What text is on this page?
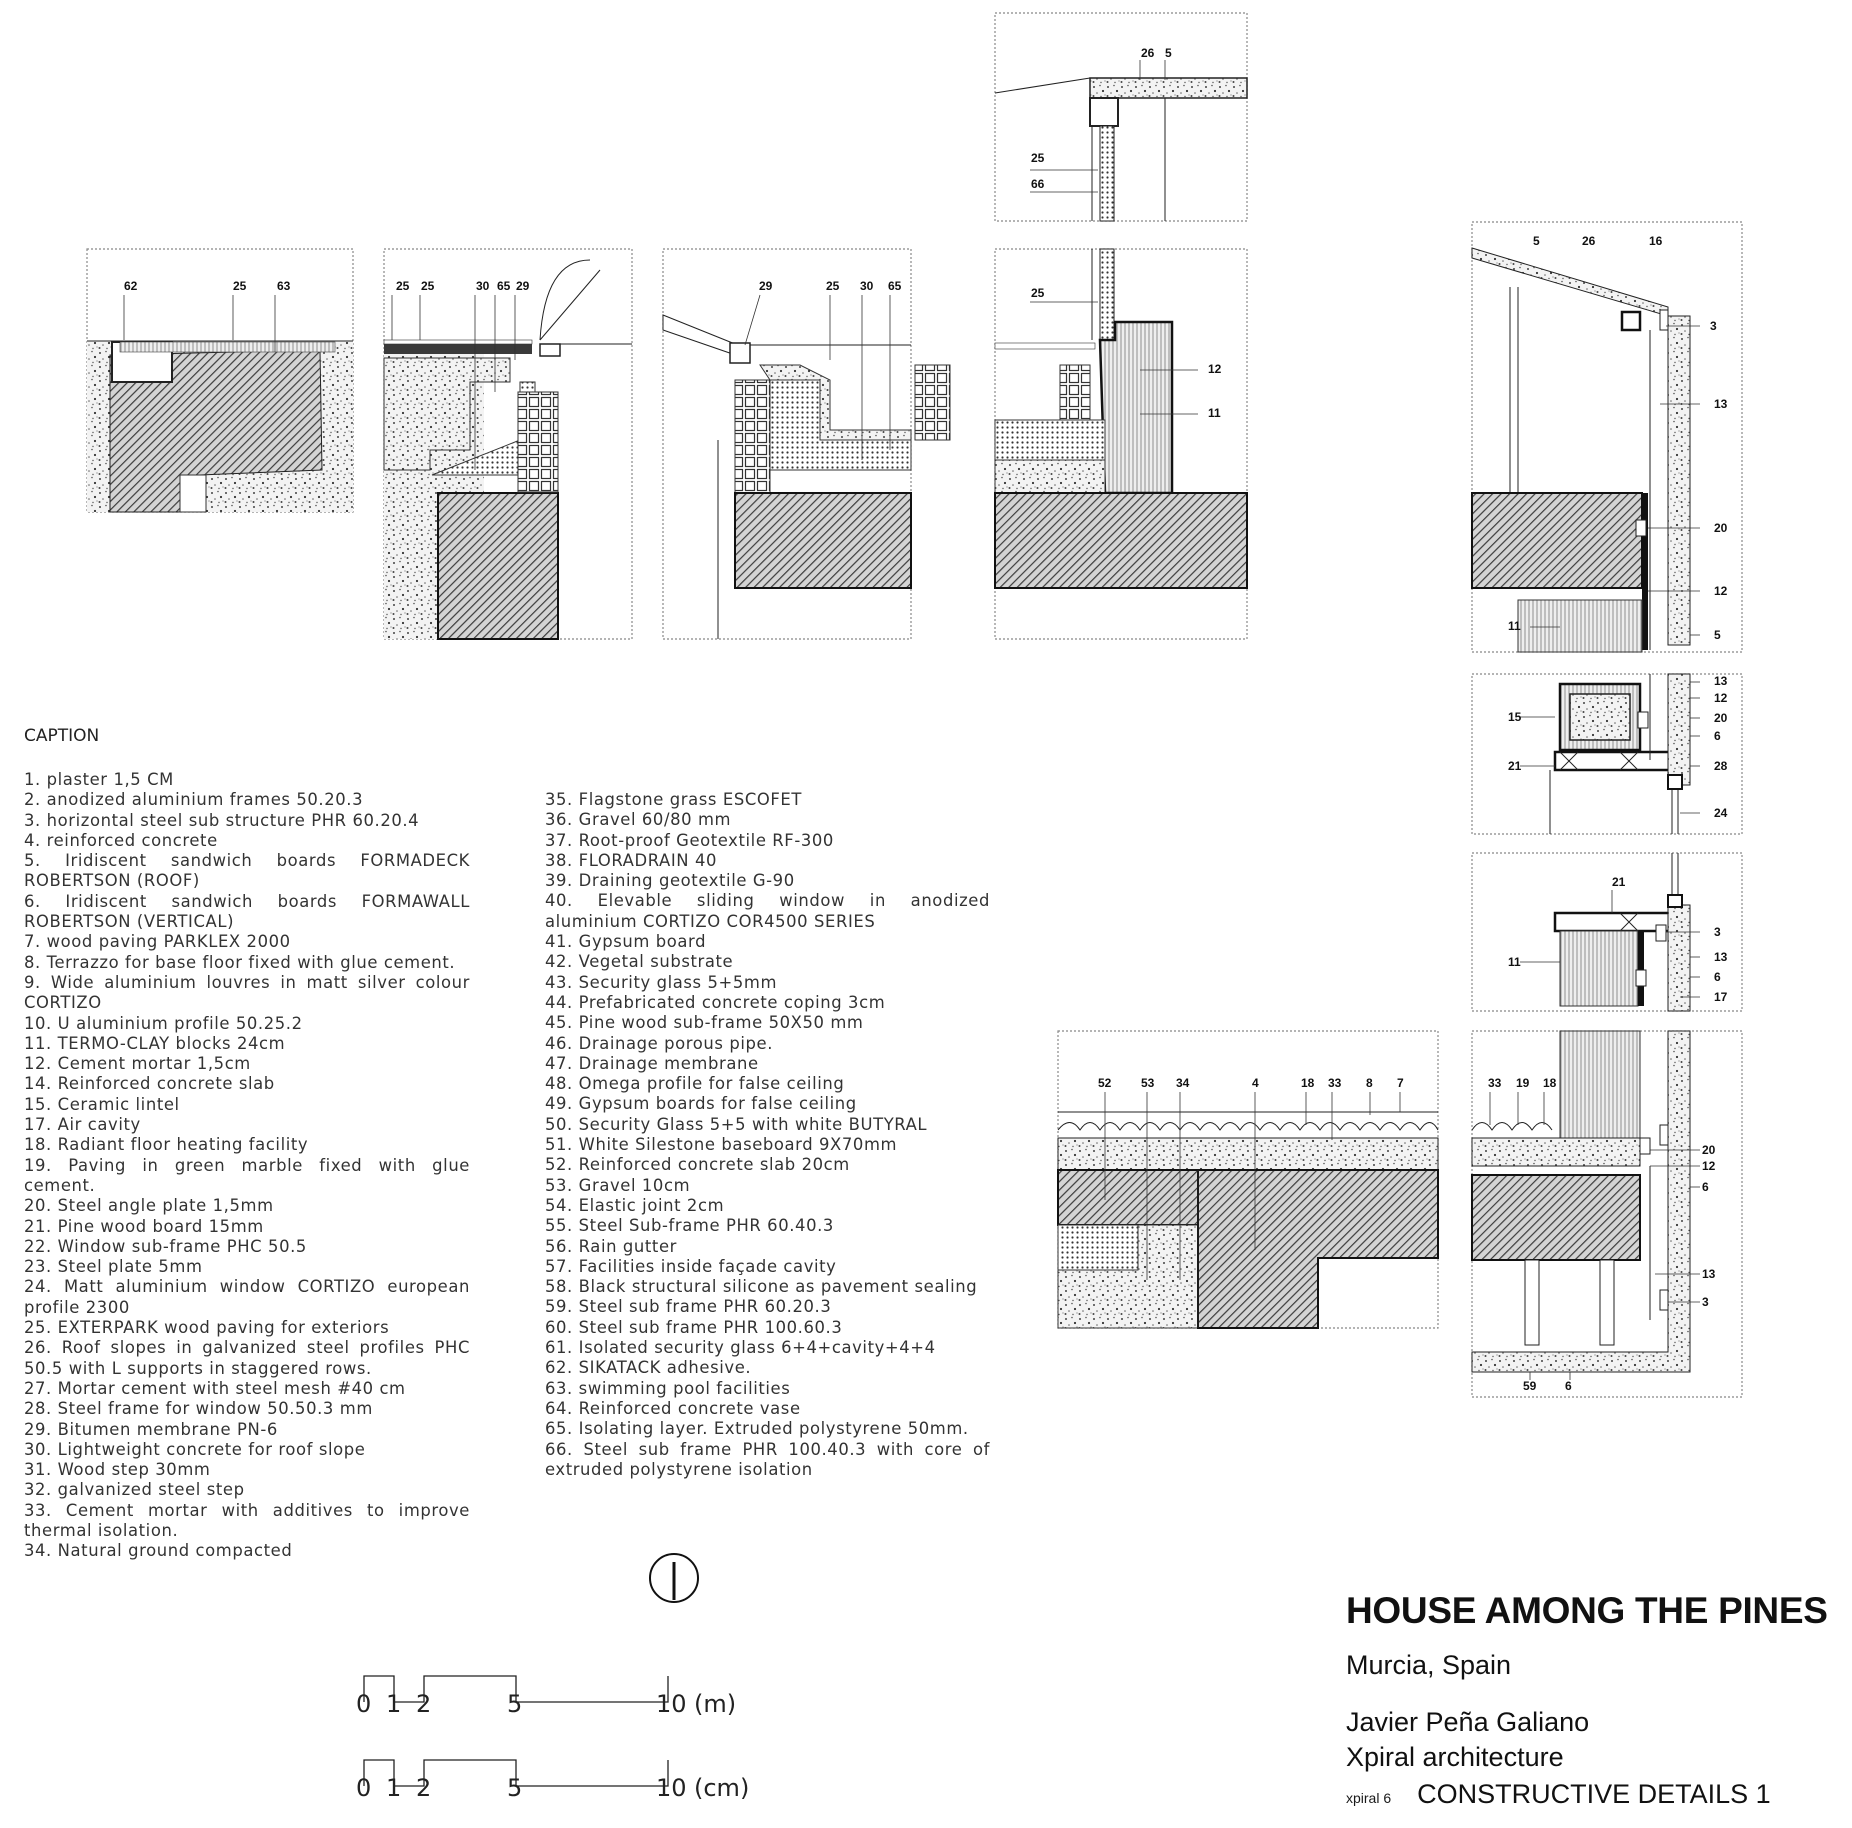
62	25	63	25 25	30 65 29	29	25 30 65
26 5
25
66
25
12
11
5	26	16
3
13
20
12
11
5
13
12
20
6
15
21	28
24
21
3
11	13
6
17
52 53 34	4	18 33 8 7	33 19 18
20
12
6
13
3
59 6
CAPTION
1. plaster 1,5 CM
2. anodized aluminium frames 50.20.3
3. horizontal steel sub structure PHR 60.20.4
4. reinforced concrete
5. Iridiscent sandwich boards FORMADECK ROBERTSON (ROOF)
6. Iridiscent sandwich boards FORMAWALL ROBERTSON (VERTICAL)
7. wood paving PARKLEX 2000
8. Terrazzo for base floor fixed with glue cement.
9. Wide aluminium louvres in matt silver colour CORTIZO
10. U aluminium profile 50.25.2
11. TERMO-CLAY blocks 24cm
12. Cement mortar 1,5cm
14. Reinforced concrete slab
15. Ceramic lintel
17. Air cavity
18. Radiant floor heating facility
19. Paving in green marble fixed with glue cement.
20. Steel angle plate 1,5mm
21. Pine wood board 15mm
22. Window sub-frame PHC 50.5
23. Steel plate 5mm
24. Matt aluminium window CORTIZO european profile 2300
25. EXTERPARK wood paving for exteriors
26. Roof slopes in galvanized steel profiles PHC 50.5 with L supports in staggered rows.
27. Mortar cement with steel mesh #40 cm
28. Steel frame for window 50.50.3 mm
29. Bitumen membrane PN-6
30. Lightweight concrete for roof slope
31. Wood step 30mm
32. galvanized steel step
33. Cement mortar with additives to improve thermal isolation.
34. Natural ground compacted
35. Flagstone grass ESCOFET
36. Gravel 60/80 mm
37. Root-proof Geotextile RF-300
38. FLORADRAIN 40
39. Draining geotextile G-90
40. Elevable sliding window in anodized aluminium CORTIZO COR4500 SERIES
41. Gypsum board
42. Vegetal substrate
43. Security glass 5+5mm
44. Prefabricated concrete coping 3cm
45. Pine wood sub-frame 50X50 mm
46. Drainage porous pipe.
47. Drainage membrane
48. Omega profile for false ceiling
49. Gypsum boards for false ceiling
50. Security Glass 5+5 with white BUTYRAL
51. White Silestone baseboard 9X70mm
52. Reinforced concrete slab 20cm
53. Gravel 10cm
54. Elastic joint 2cm
55. Steel Sub-frame PHR 60.40.3
56. Rain gutter
57. Facilities inside façade cavity
58. Black structural silicone as pavement sealing
59. Steel sub frame PHR 60.20.3
60. Steel sub frame PHR 100.60.3
61. Isolated security glass 6+4+cavity+4+4
62. SIKATACK adhesive.
63. swimming pool facilities
64. Reinforced concrete vase
65. Isolating layer. Extruded polystyrene 50mm.
66. Steel sub frame PHR 100.40.3 with core of extruded polystyrene isolation
0 1 2	5	10 (m)
0 1 2	5	10 (cm)
HOUSE AMONG THE PINES
Murcia, Spain
Javier Peña Galiano
Xpiral architecture
xpiral 6 CONSTRUCTIVE DETAILS 1
